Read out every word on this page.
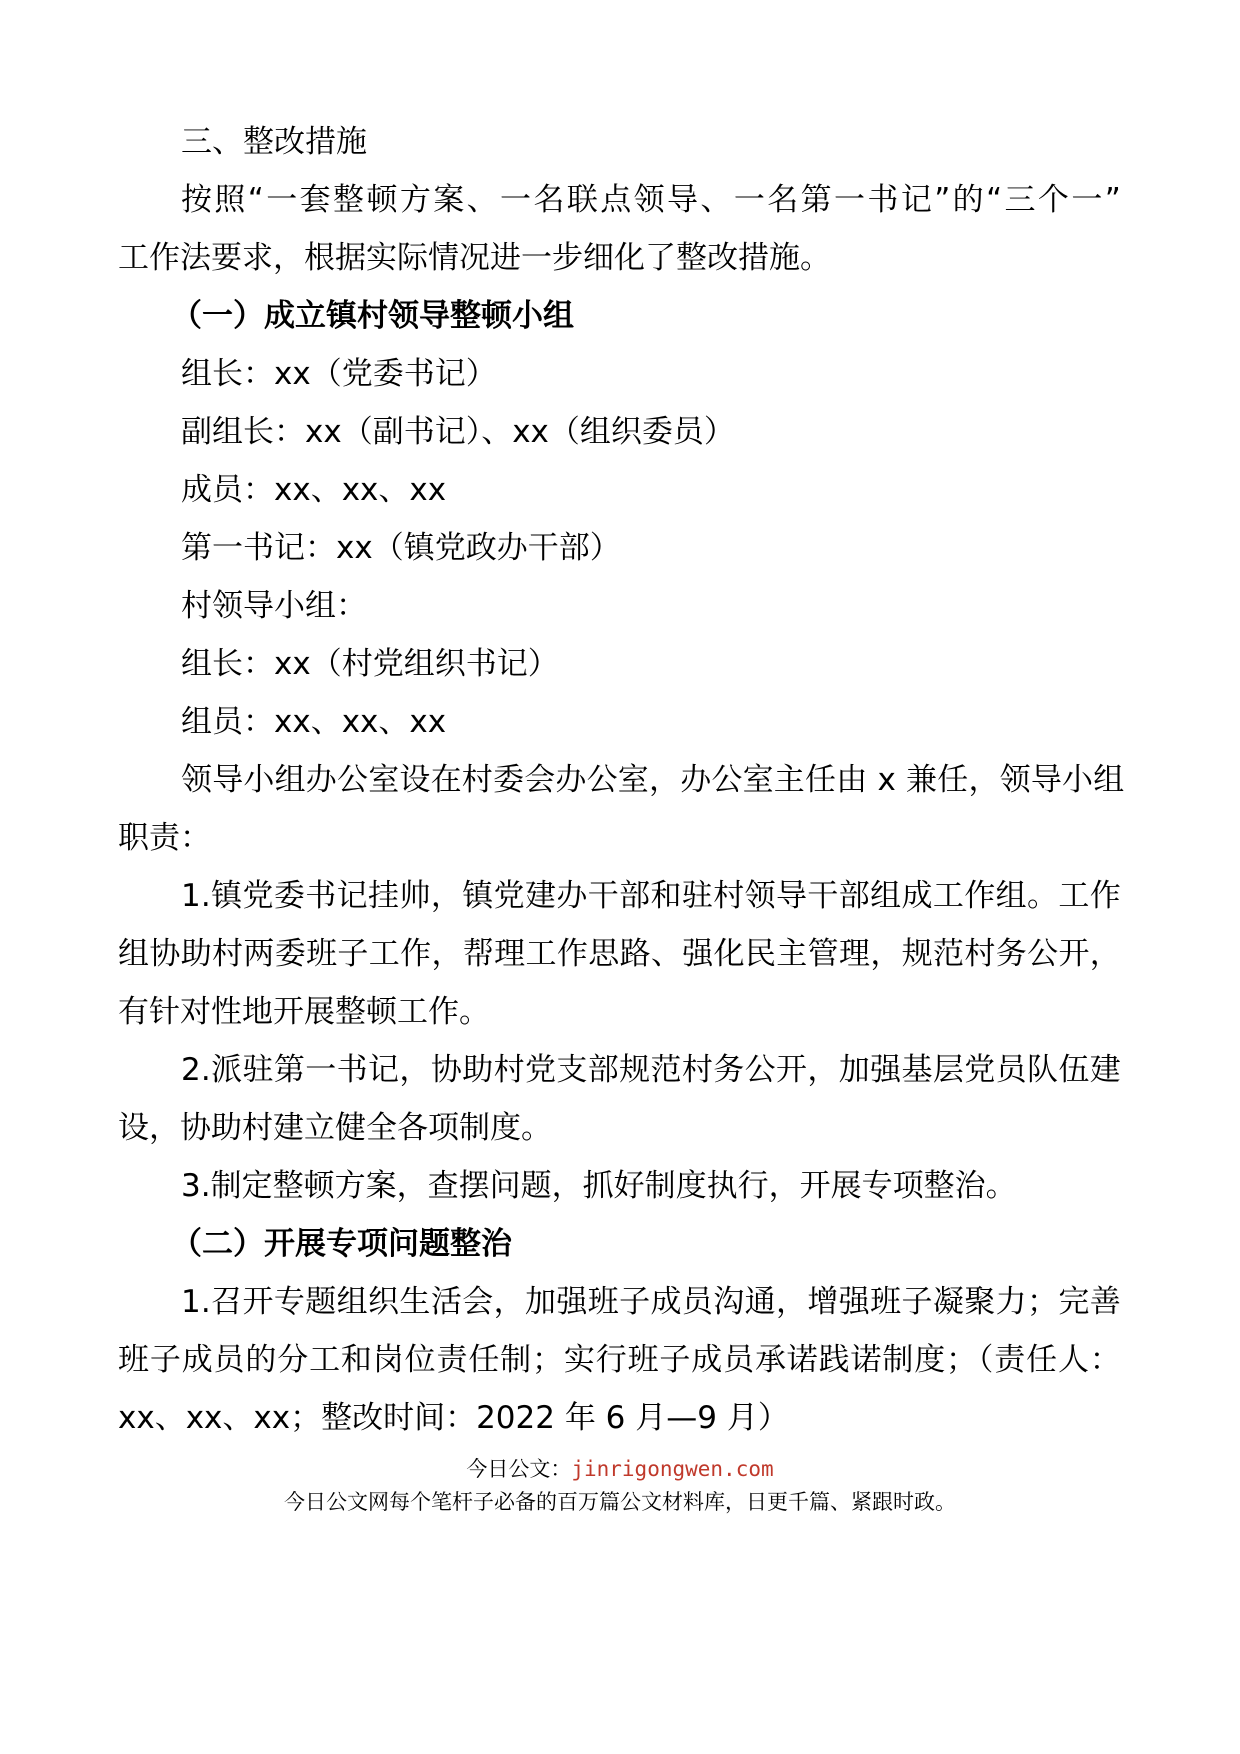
三、整改措施
按照“一套整顿方案、一名联点领导、一名第一书记”的“三个一”
工作法要求，根据实际情况进一步细化了整改措施。
（一）成立镇村领导整顿小组
组长：xx（党委书记）
副组长：xx（副书记）、xx（组织委员）
成员：xx、xx、xx
第一书记：xx（镇党政办干部）
村领导小组：
组长：xx（村党组织书记）
组员：xx、xx、xx
领导小组办公室设在村委会办公室，办公室主任由 x 兼任，领导小组
职责：
1.镇党委书记挂帅，镇党建办干部和驻村领导干部组成工作组。工作
组协助村两委班子工作，帮理工作思路、强化民主管理，规范村务公开，
有针对性地开展整顿工作。
2.派驻第一书记，协助村党支部规范村务公开，加强基层党员队伍建
设，协助村建立健全各项制度。
3.制定整顿方案，查摆问题，抓好制度执行，开展专项整治。
（二）开展专项问题整治
1.召开专题组织生活会，加强班子成员沟通，增强班子凝聚力；完善
班子成员的分工和岗位责任制；实行班子成员承诺践诺制度；（责任人：
xx、xx、xx；整改时间：2022 年 6 月—9 月）
今日公文：jinrigongwen.com
今日公文网每个笔杆子必备的百万篇公文材料库，日更千篇、紧跟时政。
